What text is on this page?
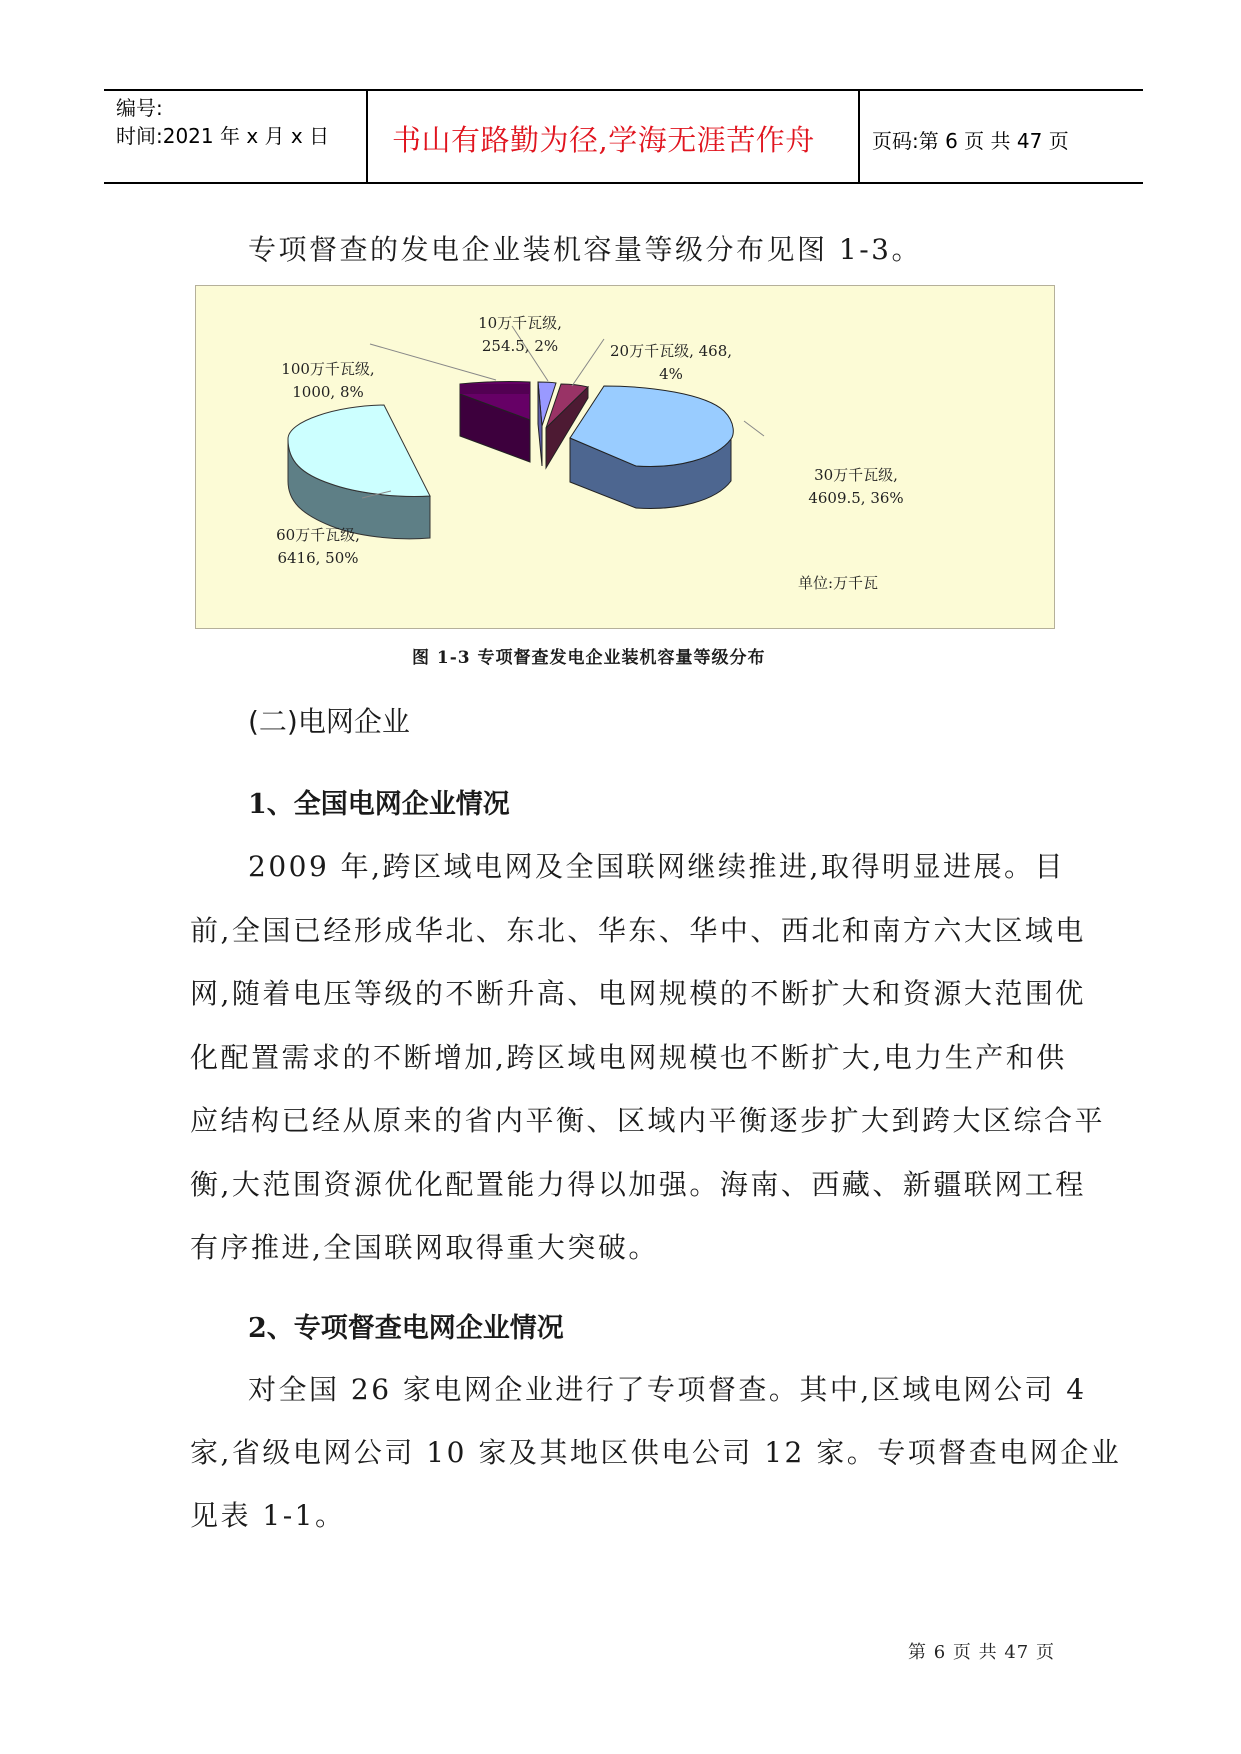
编号:
时间:2021 年 x 月 x 日 书山有路勤为径,学海无涯苦作舟	页码:第 6 页 共 47 页
专项督查的发电企业装机容量等级分布见图 1-3。
10万千瓦级,
254.5, 2%	20万千瓦级, 468,
4%
30万千瓦级,
4609.5, 36%
60万千瓦级,
6416, 50%
100万千瓦级,
1000, 8%
单位:万千瓦
图 1-3 专项督查发电企业装机容量等级分布
(二)电网企业
1、全国电网企业情况
2009 年,跨区域电网及全国联网继续推进,取得明显进展。目
前,全国已经形成华北、东北、华东、华中、西北和南方六大区域电
网,随着电压等级的不断升高、电网规模的不断扩大和资源大范围优
化配置需求的不断增加,跨区域电网规模也不断扩大,电力生产和供
应结构已经从原来的省内平衡、区域内平衡逐步扩大到跨大区综合平
衡,大范围资源优化配置能力得以加强。海南、西藏、新疆联网工程
有序推进,全国联网取得重大突破。
2、专项督查电网企业情况
对全国 26 家电网企业进行了专项督查。其中,区域电网公司 4
家,省级电网公司 10 家及其地区供电公司 12 家。专项督查电网企业
见表 1-1。
第 6 页 共 47 页
